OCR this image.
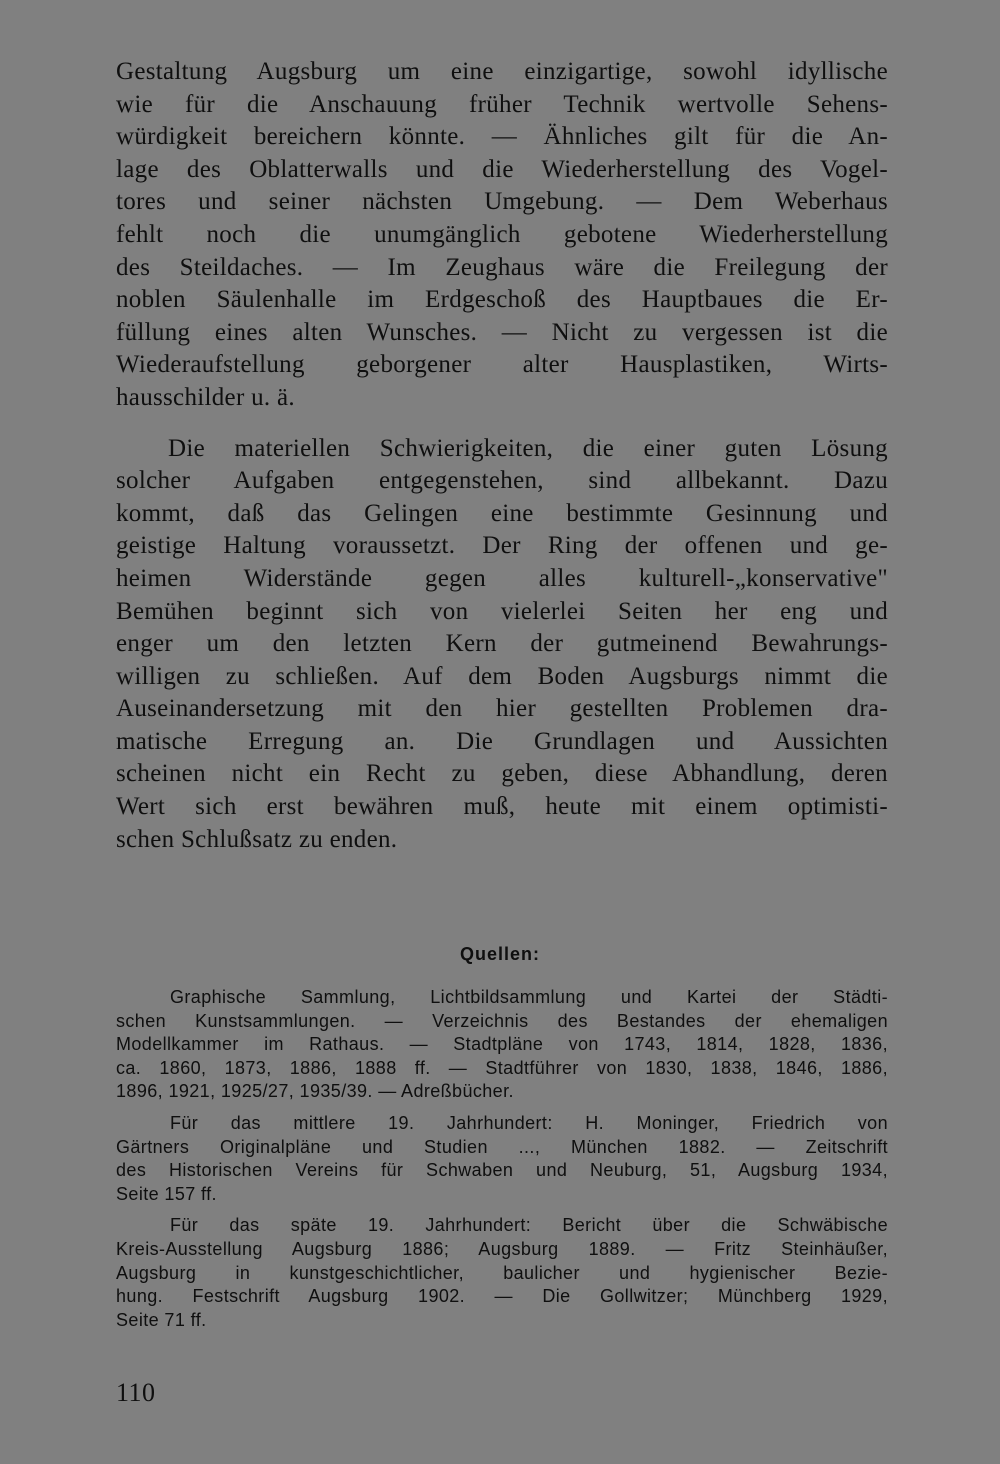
Gestaltung Augsburg um eine einzigartige, sowohl idyllische
wie für die Anschauung früher Technik wertvolle Sehens-
würdigkeit bereichern könnte. — Ähnliches gilt für die An-
lage des Oblatterwalls und die Wiederherstellung des Vogel-
tores und seiner nächsten Umgebung. — Dem Weberhaus
fehlt noch die unumgänglich gebotene Wiederherstellung
des Steildaches. — Im Zeughaus wäre die Freilegung der
noblen Säulenhalle im Erdgeschoß des Hauptbaues die Er-
füllung eines alten Wunsches. — Nicht zu vergessen ist die
Wiederaufstellung geborgener alter Hausplastiken, Wirts-
hausschilder u. ä.
Die materiellen Schwierigkeiten, die einer guten Lösung
solcher Aufgaben entgegenstehen, sind allbekannt. Dazu
kommt, daß das Gelingen eine bestimmte Gesinnung und
geistige Haltung voraussetzt. Der Ring der offenen und ge-
heimen Widerstände gegen alles kulturell-„konservative"
Bemühen beginnt sich von vielerlei Seiten her eng und
enger um den letzten Kern der gutmeinend Bewahrungs-
willigen zu schließen. Auf dem Boden Augsburgs nimmt die
Auseinandersetzung mit den hier gestellten Problemen dra-
matische Erregung an. Die Grundlagen und Aussichten
scheinen nicht ein Recht zu geben, diese Abhandlung, deren
Wert sich erst bewähren muß, heute mit einem optimisti-
schen Schlußsatz zu enden.
Quellen:
Graphische Sammlung, Lichtbildsammlung und Kartei der Städti-
schen Kunstsammlungen. — Verzeichnis des Bestandes der ehemaligen
Modellkammer im Rathaus. — Stadtpläne von 1743, 1814, 1828, 1836,
ca. 1860, 1873, 1886, 1888 ff. — Stadtführer von 1830, 1838, 1846, 1886,
1896, 1921, 1925/27, 1935/39. — Adreßbücher.
Für das mittlere 19. Jahrhundert: H. Moninger, Friedrich von
Gärtners Originalpläne und Studien ..., München 1882. — Zeitschrift
des Historischen Vereins für Schwaben und Neuburg, 51, Augsburg 1934,
Seite 157 ff.
Für das späte 19. Jahrhundert: Bericht über die Schwäbische
Kreis-Ausstellung Augsburg 1886; Augsburg 1889. — Fritz Steinhäußer,
Augsburg in kunstgeschichtlicher, baulicher und hygienischer Bezie-
hung. Festschrift Augsburg 1902. — Die Gollwitzer; Münchberg 1929,
Seite 71 ff.
110
